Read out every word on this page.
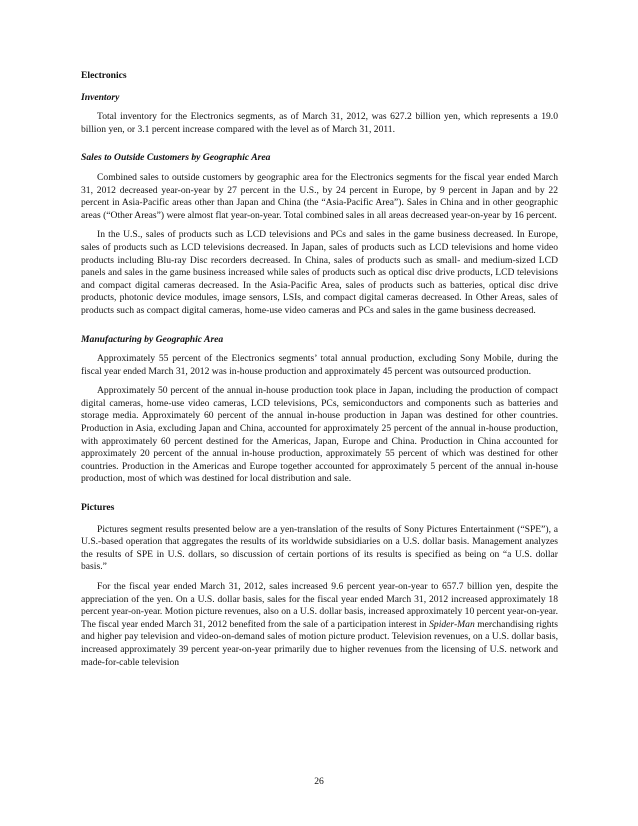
Electronics
Inventory

Total inventory for the Electronics segments, as of March 31, 2012, was 627.2 billion yen, which represents a 19.0 billion yen, or 3.1 percent increase compared with the level as of March 31, 2011.

Sales to Outside Customers by Geographic Area

Combined sales to outside customers by geographic area for the Electronics segments for the fiscal year ended March 31, 2012 decreased year-on-year by 27 percent in the U.S., by 24 percent in Europe, by 9 percent in Japan and by 22 percent in Asia-Pacific areas other than Japan and China (the “Asia-Pacific Area”). Sales in China and in other geographic areas (“Other Areas”) were almost flat year-on-year. Total combined sales in all areas decreased year-on-year by 16 percent.

In the U.S., sales of products such as LCD televisions and PCs and sales in the game business decreased. In Europe, sales of products such as LCD televisions decreased. In Japan, sales of products such as LCD televisions and home video products including Blu-ray Disc recorders decreased. In China, sales of products such as small- and medium-sized LCD panels and sales in the game business increased while sales of products such as optical disc drive products, LCD televisions and compact digital cameras decreased. In the Asia-Pacific Area, sales of products such as batteries, optical disc drive products, photonic device modules, image sensors, LSIs, and compact digital cameras decreased. In Other Areas, sales of products such as compact digital cameras, home-use video cameras and PCs and sales in the game business decreased.

Manufacturing by Geographic Area

Approximately 55 percent of the Electronics segments’ total annual production, excluding Sony Mobile, during the fiscal year ended March 31, 2012 was in-house production and approximately 45 percent was outsourced production.

Approximately 50 percent of the annual in-house production took place in Japan, including the production of compact digital cameras, home-use video cameras, LCD televisions, PCs, semiconductors and components such as batteries and storage media. Approximately 60 percent of the annual in-house production in Japan was destined for other countries. Production in Asia, excluding Japan and China, accounted for approximately 25 percent of the annual in-house production, with approximately 60 percent destined for the Americas, Japan, Europe and China. Production in China accounted for approximately 20 percent of the annual in-house production, approximately 55 percent of which was destined for other countries. Production in the Americas and Europe together accounted for approximately 5 percent of the annual in-house production, most of which was destined for local distribution and sale.

Pictures

Pictures segment results presented below are a yen-translation of the results of Sony Pictures Entertainment (“SPE”), a U.S.-based operation that aggregates the results of its worldwide subsidiaries on a U.S. dollar basis. Management analyzes the results of SPE in U.S. dollars, so discussion of certain portions of its results is specified as being on “a U.S. dollar basis.”

For the fiscal year ended March 31, 2012, sales increased 9.6 percent year-on-year to 657.7 billion yen, despite the appreciation of the yen. On a U.S. dollar basis, sales for the fiscal year ended March 31, 2012 increased approximately 18 percent year-on-year. Motion picture revenues, also on a U.S. dollar basis, increased approximately 10 percent year-on-year. The fiscal year ended March 31, 2012 benefited from the sale of a participation interest in Spider-Man merchandising rights and higher pay television and video-on-demand sales of motion picture product. Television revenues, on a U.S. dollar basis, increased approximately 39 percent year-on-year primarily due to higher revenues from the licensing of U.S. network and made-for-cable television

26
